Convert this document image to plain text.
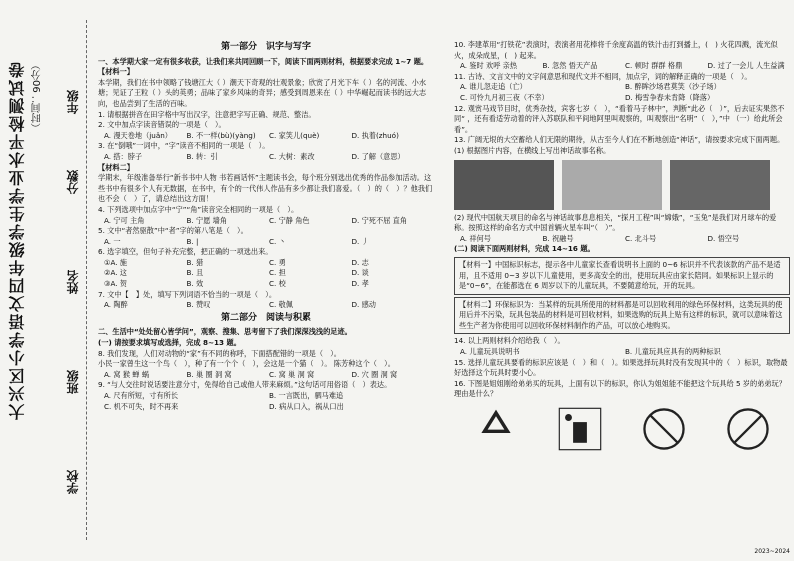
大兴区小学语文四年级学生学业水平检测试卷 （时间：90分）
学校
班级
姓名
分数
年级
第一部分　识字与写字
一、本学期大家一定有很多收获，让我们来共同回顾一下，阅读下面两则材料，根据要求完成 1~7 题。
【材料一】
本学期，我们在书中领略了钱塘江大（ ）潮天下奇观的壮观景象；欣赏了月光下车（ ）名的河流、小水塘；见证了王粒（ ）头的英勇；品味了家乡风味的奇异；感受到周恩来在（ ）中华崛起而读书的远大志向，也品尝到了生活的百味。
1. 请根据拼音在田字格中写出汉字，注意把字写正确、规范、整洁。
2. 文中加点字读音错误的一项是（　）。
A. 漫天卷地（juǎn）	B. 不一样(bù)(yàng)	C. 家笑儿(què)	D. 执着(zhuó)
3. 在“倒哦”一词中，“字”读音不相同的一项是（　）。
A. 搭：脖子	B. 转：引	C. 大树：素改	D. 了解（意思）
【材料二】
学期末，年级准备举行“新书书中人物 书若画话怀”主题读书会，每个班分别选出优秀的作品参加活动。这些书中有很多个人有无数据，在书中，有个的一代伟人作品有多少都让我们喜爱。（　）的（　）？他我们也不会（　）了，请总结出这方面！
4. 下列选项中加点字中“宁”“角”读音完全相同的一项是（　）。
A. 宁可 主角	B. 宁愿 墙角	C. 宁静 角色	D. 宁死不屈 直角
5. 文中“者然驱散”中“者”字的第八笔是（　）。
A. 一	B. |	C. 丶	D. 丿
6. 选字填空，但句子补充完整，把正确的一项选出来。
①A. 施	B. 猎	C. 勇	D. 志
②A. 这	B. 且	C. 担	D. 谈
③A. 贺	B. 效	C. 校	D. 孝
7. 文中【　】处，填写下列词语不恰当的一项是（　）。
A. 陶醉	B. 赞叹	C. 敬佩	D. 感动
第二部分　阅读与积累
二、生活中“处处留心皆学问”，观察、搜集、思考留下了我们深深浅浅的足迹。
(一) 请按要求填写或选择，完成 8~13 题。
8. 我们发现，人们对动物的“家”有不同的称呼，下面搭配错的一项是（　）。
小民一家曾生这一个鸟（　），种了有一个个（　），会这是一个猫（　）。 陈芳种这个（　）。
A. 窝 猴 蝉 蜗	B. 巢 圈 洞 窝	C. 窝 巢 洞 窝	D. 穴 圈 洞 窝
9. “与人交往时说话要注意分寸，免得给自己或他人带来麻烦。”这句话可用俗语（　）表达。
A. 尺有所短，寸有所长	B. 一言既出，驷马难追
C. 机不可失，时不再来	D. 病从口入，祸从口出
10. 李建革用“打铁花”表演时，表演者用花棒将千余度高温的铁汁击打到播上，(　) 火花四溅，流光似火，成朵成星，(　) 起来。
A. 鉴时 欢呼 亲热	B. 忽然 悟天产品	C. 顿时 群群 格鼎	D. 过了一会儿 人生益满
11. 古诗、文言文中的文字间意思和现代文并不相同，加点字，词的解释正确的一项是（　）。
A. 谁儿忽走追（亡）	B. 醉眸沙场君莫笑（沙子场）
C. 可怜九月初三夜（不幸）	D. 梅雪争春未肯降（降落）
12. 观赏马戏节目时，优秀杂技，宾客七岁（　），“看着马子林中”，判断“此必（　）”，后去证实果然不同“ ，还有看适劳动着的评入苏联队和平间地阿里叫观察的，叫观察出“名明”（　），”中 （一）给此所会看”。
13. 广阔无垠的大空蓄给人们无限的期待，从古至今人们在不断地创造“神话”，请按要求完成下面两题。
(1) 根据图片内容，在横线上写出神话故事名称。
(2) 现代中国航天项目的命名与神话故事息息相关，“探月工程”叫“嫦娥”，“玉兔”是我们对月球车的爱称。按照这样的命名方式中国首辆火星车叫“（　）”。
A. 祥何号	B. 祝融号	C. 北斗号	D. 悟空号
(二) 阅读下面两则材料，完成 14~16 题。
【材料一】中国标识标志，提示各中儿童家长查看说明书上面的 0~6 标识并不代表该款的产品不是适用，且不适用 0~3 岁以下儿童使用，更多高安全的出，使用玩具应由家长陪同。如果标识上显示的是“0~6”，在能都选在 6 周岁以下的儿童玩具，不要随意给玩，开的玩具。
【材料二】环保标识为：当某样的玩具所使用的材料都是可以回收利用的绿色环保材料，这类玩具的使用后并不污染，玩具包装品的材料是可回收材料，如果选购的玩具上贴有这样的标识，就可以意味着这些生产者为你使用可以回收环保材料制作的产品，可以放心地购买。
14. 以上两则材料介绍给我（　）。
A. 儿童玩具说明书	B. 儿童玩具应具有的两种标识
15. 选择儿童玩具要看的标识应该是（　）和（　）。如果选择玩具时没有发现其中的（　）标识，取物最好选择这个玩具时要小心。
16. 下图是姐姐刚给弟弟买的玩具，上面有以下的标识，你认为姐姐能不能把这个玩具给 5 岁的弟弟玩？理由是什么？
2023~2024
